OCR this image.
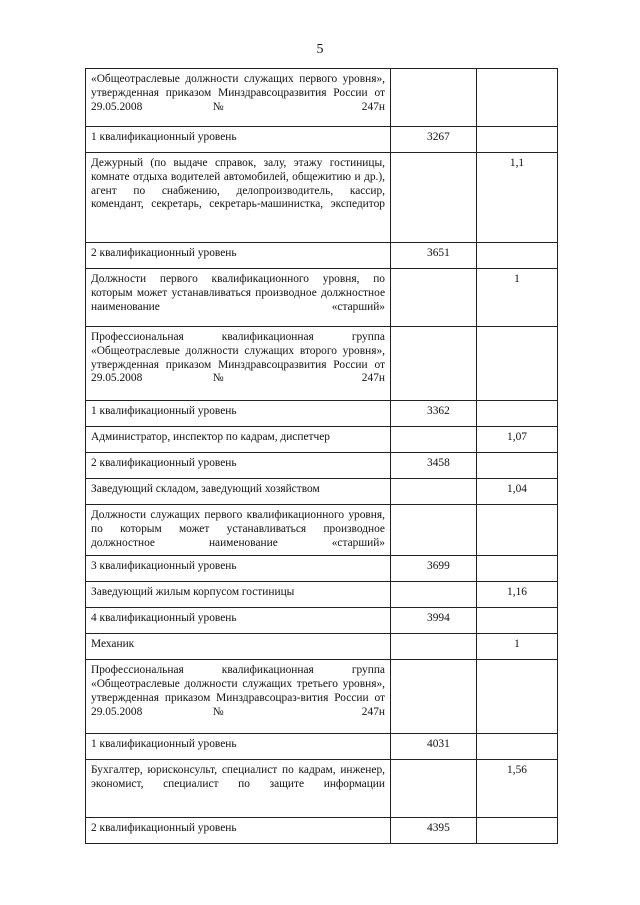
5
«Общеотраслевые должности служащих первого уровня», утвержденная приказом Минздравсоцразвития России от 29.05.2008 № 247н		
1 квалификационный уровень	3267	
Дежурный (по выдаче справок, залу, этажу гостиницы, комнате отдыха водителей автомобилей, общежитию и др.), агент по снабжению, делопроизводитель, кассир, комендант, секретарь, секретарь-машинистка, экспедитор		1,1
2 квалификационный уровень	3651	
Должности первого квалификационного уровня, по которым может устанавливаться производное должностное наименование «старший»		1
Профессиональная квалификационная группа «Общеотраслевые должности служащих второго уровня», утвержденная приказом Минздравсоцразвития России от 29.05.2008 № 247н		
1 квалификационный уровень	3362	
Администратор, инспектор по кадрам, диспетчер		1,07
2 квалификационный уровень	3458	
Заведующий складом, заведующий хозяйством		1,04
Должности служащих первого квалификационного уровня, по которым может устанавливаться производное должностное наименование «старший»		
3 квалификационный уровень	3699	
Заведующий жилым корпусом гостиницы		1,16
4 квалификационный уровень	3994	
Механик		1
Профессиональная квалификационная группа «Общеотраслевые должности служащих третьего уровня», утвержденная приказом Минздравсоцраз-вития России от 29.05.2008 № 247н		
1 квалификационный уровень	4031	
Бухгалтер, юрисконсульт, специалист по кадрам, инженер, экономист, специалист по защите информации		1,56
2 квалификационный уровень	4395	
